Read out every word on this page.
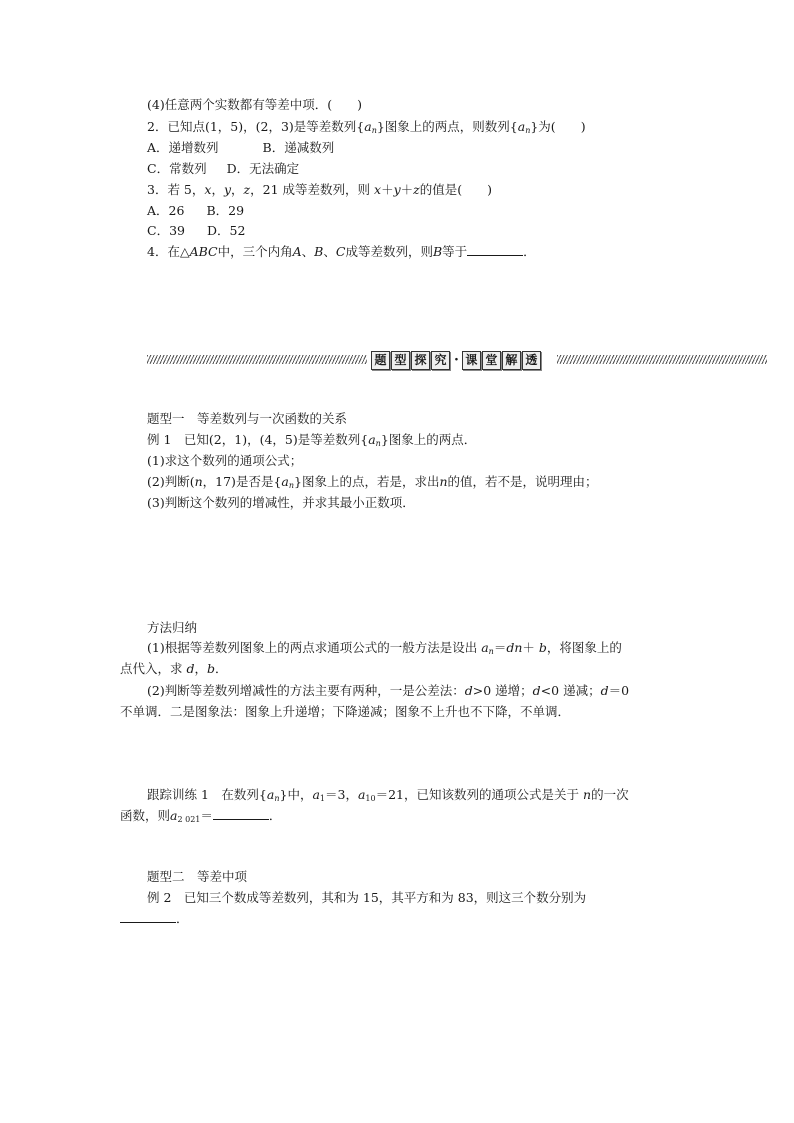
(4)任意两个实数都有等差中项．(　　)
2．已知点(1，5)，(2，3)是等差数列$\{a_n\}$图象上的两点，则数列$\{a_n\}$为(　　)
A．递增数列	B．递减数列
C．常数列 D．无法确定
3．若 5，x，y，z，21 成等差数列，则 x＋y＋z的值是(　　)
A．26 B．29
C．39 D．52
4．在△ABC中，三个内角A、B、C成等差数列，则B等于	．
题 型 探 究 · 课 堂 解 透
题型一　等差数列与一次函数的关系
例 1　已知(2，1)，(4，5)是等差数列$\{a_n\}$图象上的两点．
(1)求这个数列的通项公式；
(2)判断(n，17)是否是$\{a_n\}$图象上的点，若是，求出n的值，若不是，说明理由；
(3)判断这个数列的增减性，并求其最小正数项．
方法归纳
(1)根据等差数列图象上的两点求通项公式的一般方法是设出 $a_n=dn+ b$，将图象上的
点代入，求 d，b．
(2)判断等差数列增减性的方法主要有两种，一是公差法：d>0 递增；d<0 递减；d＝0
不单调．二是图象法：图象上升递增；下降递减；图象不上升也不下降，不单调．
跟踪训练 1　在数列$\{a_n\}$中，$a_1=3$，$a_{10}=21$，已知该数列的通项公式是关于 n的一次
函数，则$a_{2 021}=$	．
题型二　等差中项
例 2　已知三个数成等差数列，其和为 15，其平方和为 83，则这三个数分别为
．
